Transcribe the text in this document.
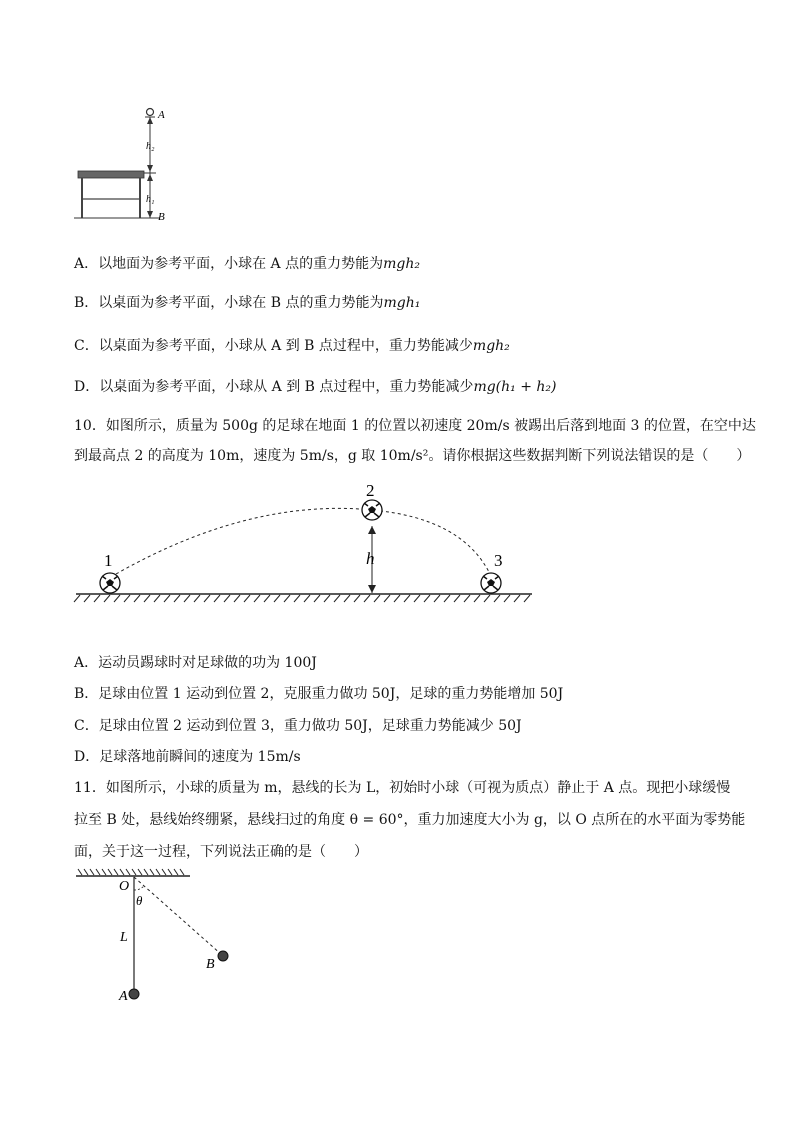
A
h₂
h₁
B
A．以地面为参考平面，小球在 A 点的重力势能为mgh₂
B．以桌面为参考平面，小球在 B 点的重力势能为mgh₁
C．以桌面为参考平面，小球从 A 到 B 点过程中，重力势能减少mgh₂
D．以桌面为参考平面，小球从 A 到 B 点过程中，重力势能减少mg(h₁ + h₂)
10．如图所示，质量为 500g 的足球在地面 1 的位置以初速度 20m/s 被踢出后落到地面 3 的位置，在空中达
到最高点 2 的高度为 10m，速度为 5m/s，g 取 10m/s²。请你根据这些数据判断下列说法错误的是（　　）
1
2
3
h
A．运动员踢球时对足球做的功为 100J
B．足球由位置 1 运动到位置 2，克服重力做功 50J，足球的重力势能增加 50J
C．足球由位置 2 运动到位置 3，重力做功 50J，足球重力势能减少 50J
D．足球落地前瞬间的速度为 15m/s
11．如图所示，小球的质量为 m，悬线的长为 L，初始时小球（可视为质点）静止于 A 点。现把小球缓慢
拉至 B 处，悬线始终绷紧，悬线扫过的角度 θ = 60°，重力加速度大小为 g，以 O 点所在的水平面为零势能
面，关于这一过程，下列说法正确的是（　　）
O
θ
L
B
A
